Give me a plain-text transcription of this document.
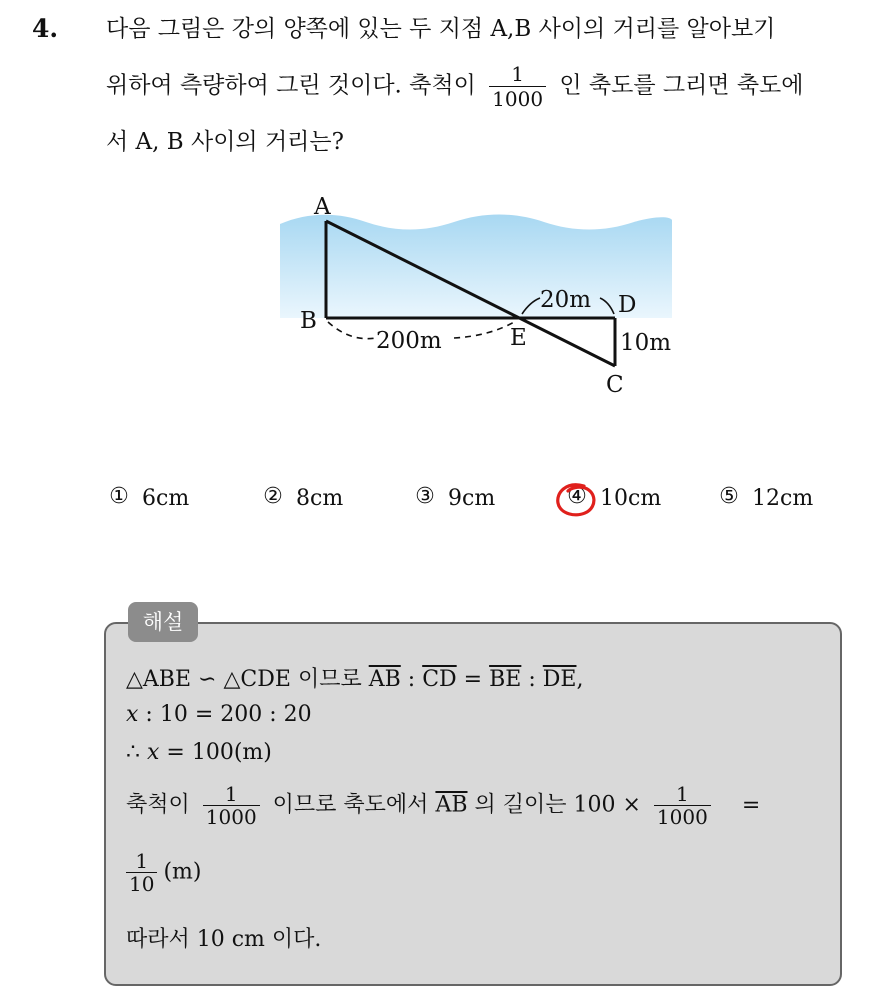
4. 다음 그림은 강의 양쪽에 있는 두 지점 A,B 사이의 거리를 알아보기
위하여 측량하여 그린 것이다. 축척이 $\frac{1}{1000}$ 인 축도를 그리면 축도에
서 A, B 사이의 거리는?
A
B
E
D
C
200m
20m
10m
① 6cm	② 8cm	③ 9cm	④ 10cm	⑤ 12cm
해설
△ABE ∽ △CDE 이므로 $\overline{AB}$ : $\overline{CD} = \overline{BE}$ : $\overline{DE}$,
x : 10 = 200 : 20
∴ x = 100(m)
축척이 $\frac{1}{1000}$ 이므로 축도에서 $\overline{AB}$ 의 길이는 $100 \times \frac{1}{1000}$ =
$\frac{1}{10} (m)$
따라서 10 cm 이다.
